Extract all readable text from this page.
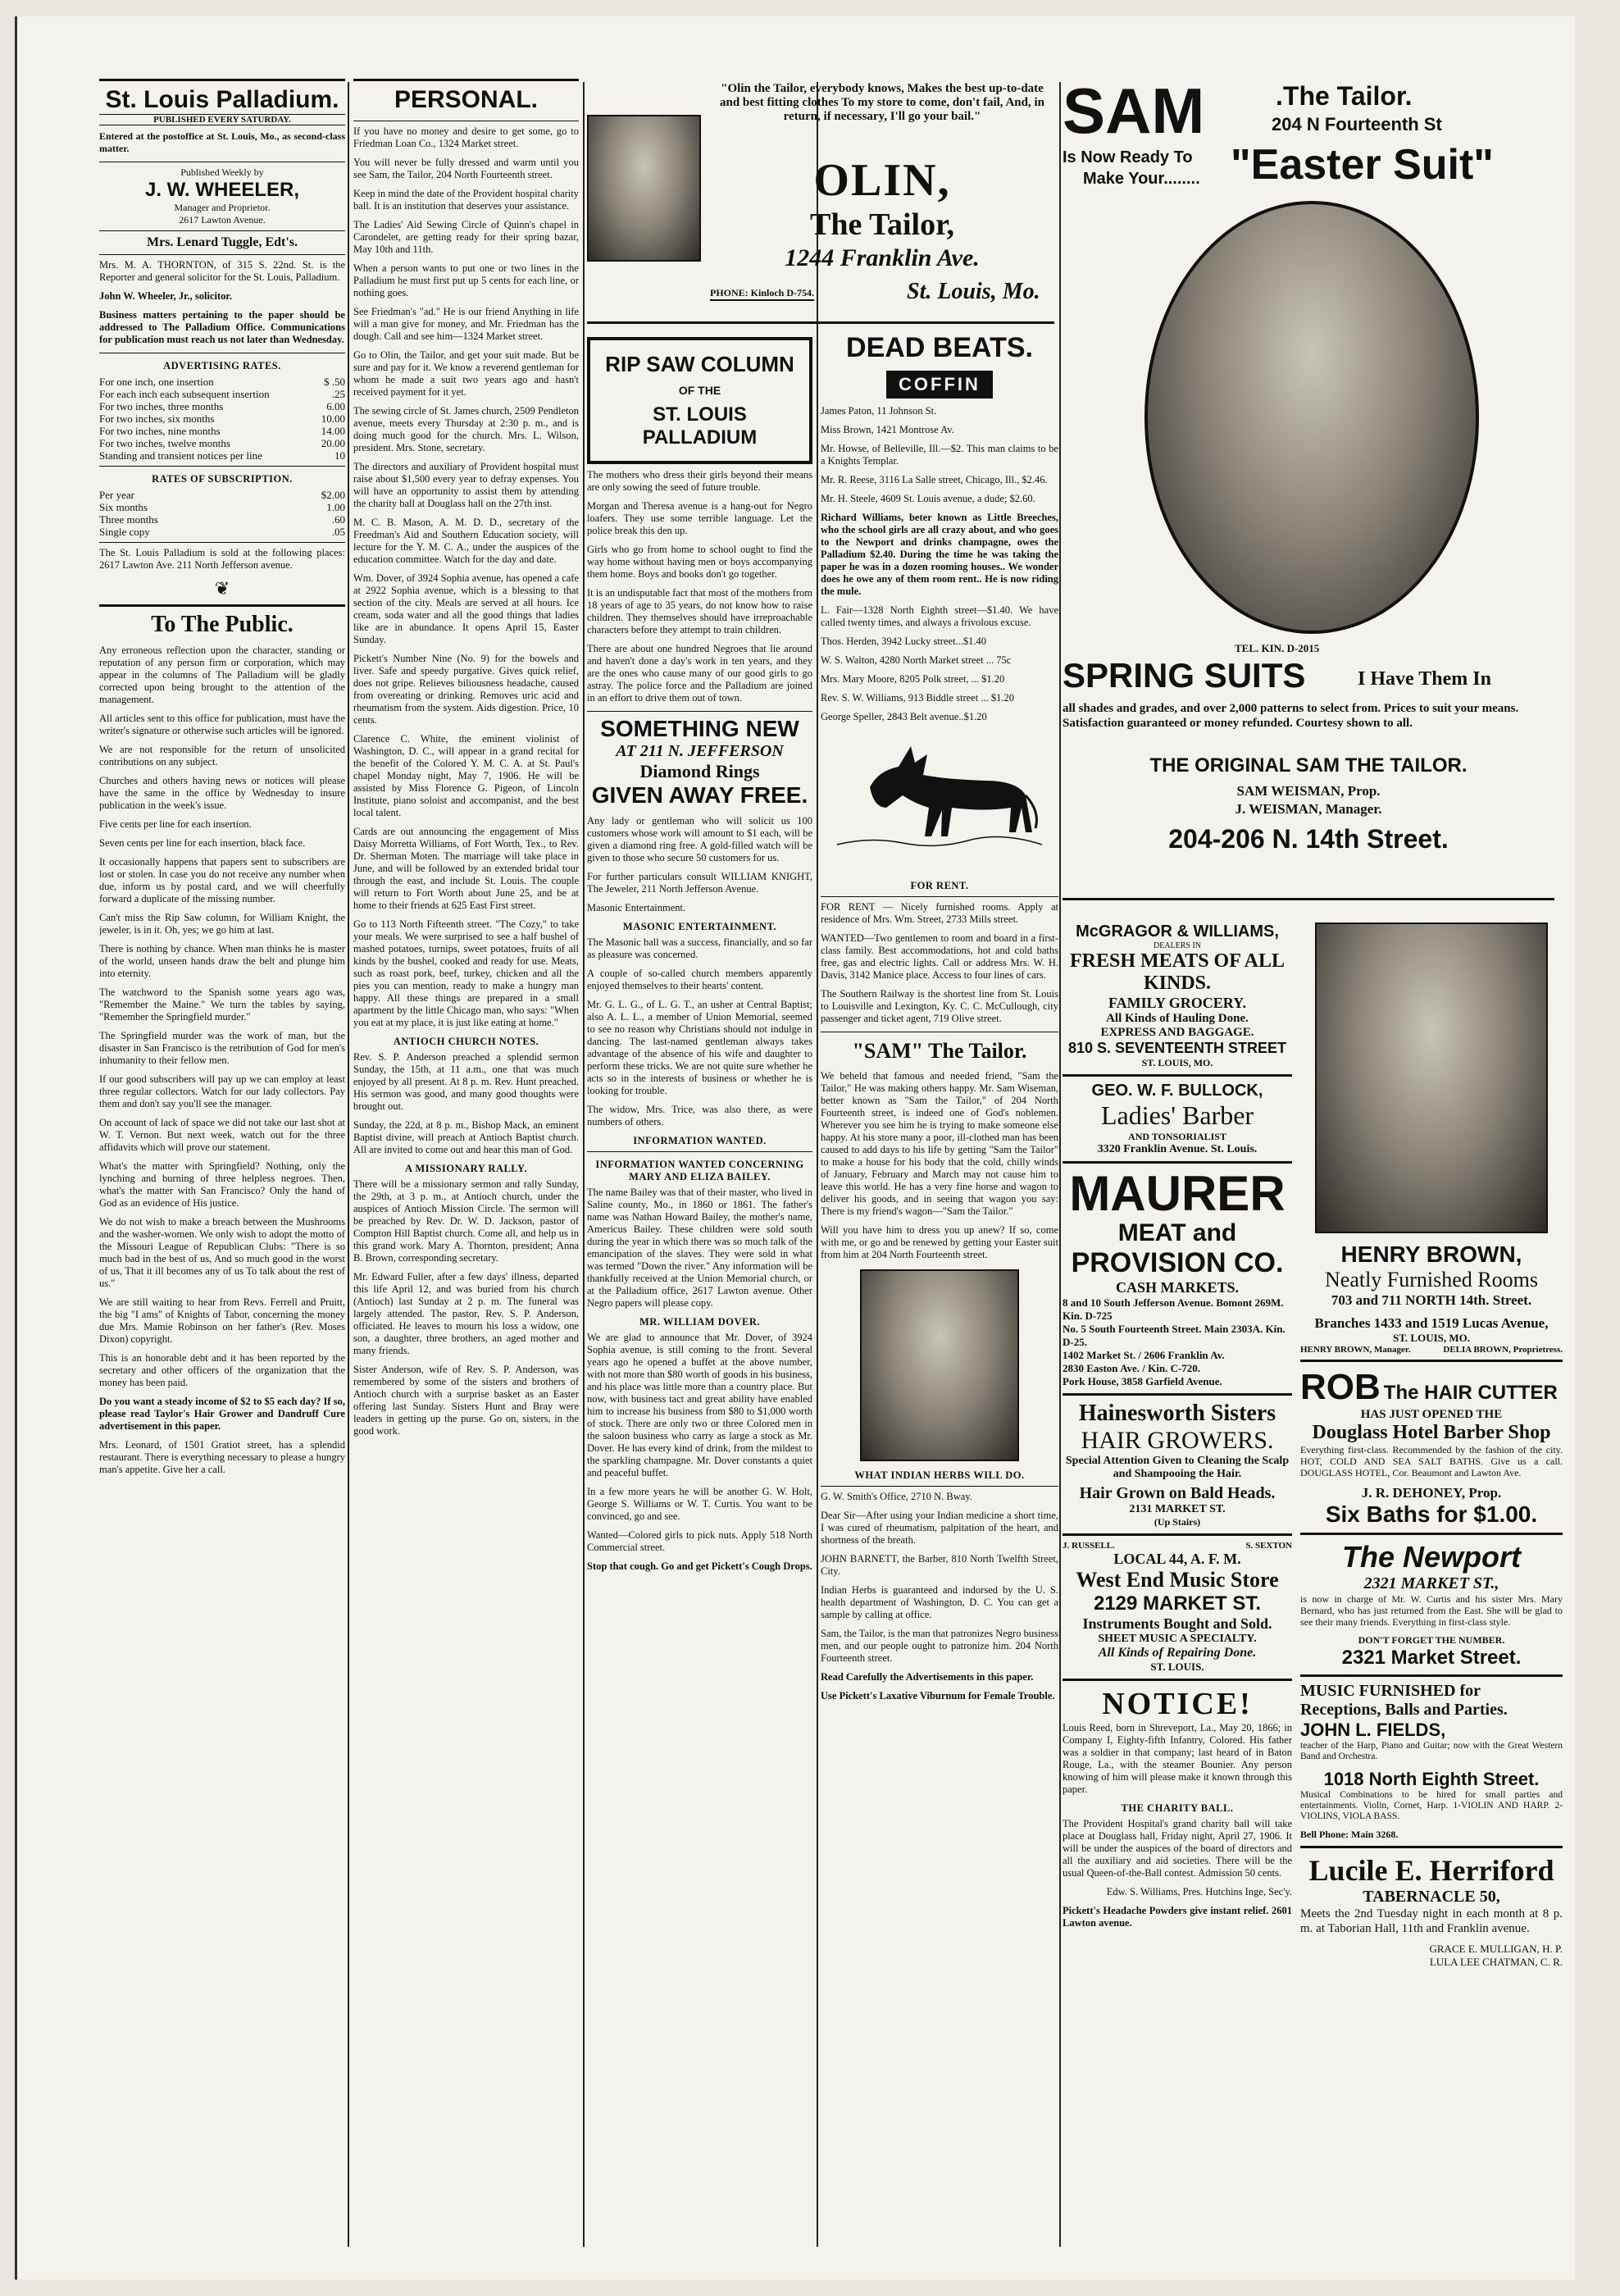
St. Louis Palladium.
PUBLISHED EVERY SATURDAY.

Entered at the postoffice at St. Louis, Mo., as second-class matter.

Published Weekly by
J. W. WHEELER,
Manager and Proprietor.
2617 Lawton Avenue.
Mrs. Lenard Tuggle, Edt's.

Mrs. M. A. THORNTON, of 315 S. 22nd. St. is the Reporter and general solicitor for the St. Louis, Palladium.

John W. Wheeler, Jr., solicitor.

Business matters pertaining to the paper should be addressed to The Palladium Office. Communications for publication must reach us not later than Wednesday.

ADVERTISING RATES.
For one inch, one insertion	$ .50
For each inch each subsequent insertion	.25
For two inches, three months	6.00
For two inches, six months	10.00
For two inches, nine months	14.00
For two inches, twelve months	20.00
Standing and transient notices per line	10
RATES OF SUBSCRIPTION.
Per year	$2.00
Six months	1.00
Three months	.60
Single copy	.05

The St. Louis Palladium is sold at the following places: 2617 Lawton Ave. 211 North Jefferson avenue.

❦
To The Public.

Any erroneous reflection upon the character, standing or reputation of any person firm or corporation, which may appear in the columns of The Palladium will be gladly corrected upon being brought to the attention of the management.

All articles sent to this office for publication, must have the writer's signature or otherwise such articles will be ignored.

We are not responsible for the return of unsolicited contributions on any subject.

Churches and others having news or notices will please have the same in the office by Wednesday to insure publication in the week's issue.

Five cents per line for each insertion.

Seven cents per line for each insertion, black face.

It occasionally happens that papers sent to subscribers are lost or stolen. In case you do not receive any number when due, inform us by postal card, and we will cheerfully forward a duplicate of the missing number.

Can't miss the Rip Saw column, for William Knight, the jeweler, is in it. Oh, yes; we go him at last.

There is nothing by chance. When man thinks he is master of the world, unseen hands draw the belt and plunge him into eternity.

The watchword to the Spanish some years ago was, "Remember the Maine." We turn the tables by saying, "Remember the Springfield murder."

The Springfield murder was the work of man, but the disaster in San Francisco is the retribution of God for men's inhumanity to their fellow men.

If our good subscribers will pay up we can employ at least three regular collectors. Watch for our lady collectors. Pay them and don't say you'll see the manager.

On account of lack of space we did not take our last shot at W. T. Vernon. But next week, watch out for the three affidavits which will prove our statement.

What's the matter with Springfield? Nothing, only the lynching and burning of three helpless negroes. Then, what's the matter with San Francisco? Only the hand of God as an evidence of His justice.

We do not wish to make a breach between the Mushrooms and the washer-women. We only wish to adopt the motto of the Missouri League of Republican Clubs: "There is so much bad in the best of us, And so much good in the worst of us, That it ill becomes any of us To talk about the rest of us."

We are still waiting to hear from Revs. Ferrell and Pruitt, the big "I ams" of Knights of Tabor, concerning the money due Mrs. Mamie Robinson on her father's (Rev. Moses Dixon) copyright.

This is an honorable debt and it has been reported by the secretary and other officers of the organization that the money has been paid.

Do you want a steady income of $2 to $5 each day? If so, please read Taylor's Hair Grower and Dandruff Cure advertisement in this paper.

Mrs. Leonard, of 1501 Gratiot street, has a splendid restaurant. There is everything necessary to please a hungry man's appetite. Give her a call.

PERSONAL.

If you have no money and desire to get some, go to Friedman Loan Co., 1324 Market street.

You will never be fully dressed and warm until you see Sam, the Tailor, 204 North Fourteenth street.

Keep in mind the date of the Provident hospital charity ball. It is an institution that deserves your assistance.

The Ladies' Aid Sewing Circle of Quinn's chapel in Carondelet, are getting ready for their spring bazar, May 10th and 11th.

When a person wants to put one or two lines in the Palladium he must first put up 5 cents for each line, or nothing goes.

See Friedman's "ad." He is our friend Anything in life will a man give for money, and Mr. Friedman has the dough. Call and see him—1324 Market street.

Go to Olin, the Tailor, and get your suit made. But be sure and pay for it. We know a reverend gentleman for whom he made a suit two years ago and hasn't received payment for it yet.

The sewing circle of St. James church, 2509 Pendleton avenue, meets every Thursday at 2:30 p. m., and is doing much good for the church. Mrs. L. Wilson, president. Mrs. Stone, secretary.

The directors and auxiliary of Provident hospital must raise about $1,500 every year to defray expenses. You will have an opportunity to assist them by attending the charity ball at Douglass hall on the 27th inst.

M. C. B. Mason, A. M. D. D., secretary of the Freedman's Aid and Southern Education society, will lecture for the Y. M. C. A., under the auspices of the education committee. Watch for the day and date.

Wm. Dover, of 3924 Sophia avenue, has opened a cafe at 2922 Sophia avenue, which is a blessing to that section of the city. Meals are served at all hours. Ice cream, soda water and all the good things that ladies like are in abundance. It opens April 15, Easter Sunday.

Pickett's Number Nine (No. 9) for the bowels and liver. Safe and speedy purgative. Gives quick relief, does not gripe. Relieves biliousness headache, caused from overeating or drinking. Removes uric acid and rheumatism from the system. Aids digestion. Price, 10 cents.

Clarence C. White, the eminent violinist of Washington, D. C., will appear in a grand recital for the benefit of the Colored Y. M. C. A. at St. Paul's chapel Monday night, May 7, 1906. He will be assisted by Miss Florence G. Pigeon, of Lincoln Institute, piano soloist and accompanist, and the best local talent.

Cards are out announcing the engagement of Miss Daisy Morretta Williams, of Fort Worth, Tex., to Rev. Dr. Sherman Moten. The marriage will take place in June, and will be followed by an extended bridal tour through the east, and include St. Louis. The couple will return to Fort Worth about June 25, and be at home to their friends at 625 East First street.

Go to 113 North Fifteenth street. "The Cozy," to take your meals. We were surprised to see a half bushel of mashed potatoes, turnips, sweet potatoes, fruits of all kinds by the bushel, cooked and ready for use. Meats, such as roast pork, beef, turkey, chicken and all the pies you can mention, ready to make a hungry man happy. All these things are prepared in a small apartment by the little Chicago man, who says: "When you eat at my place, it is just like eating at home."

ANTIOCH CHURCH NOTES.

Rev. S. P. Anderson preached a splendid sermon Sunday, the 15th, at 11 a.m., one that was much enjoyed by all present. At 8 p. m. Rev. Hunt preached. His sermon was good, and many good thoughts were brought out.

Sunday, the 22d, at 8 p. m., Bishop Mack, an eminent Baptist divine, will preach at Antioch Baptist church. All are invited to come out and hear this man of God.

A MISSIONARY RALLY.

There will be a missionary sermon and rally Sunday, the 29th, at 3 p. m., at Antioch church, under the auspices of Antioch Mission Circle. The sermon will be preached by Rev. Dr. W. D. Jackson, pastor of Compton Hill Baptist church. Come all, and help us in this grand work. Mary A. Thornton, president; Anna B. Brown, corresponding secretary.

Mr. Edward Fuller, after a few days' illness, departed this life April 12, and was buried from his church (Antioch) last Sunday at 2 p. m. The funeral was largely attended. The pastor, Rev. S. P. Anderson, officiated. He leaves to mourn his loss a widow, one son, a daughter, three brothers, an aged mother and many friends.

Sister Anderson, wife of Rev. S. P. Anderson, was remembered by some of the sisters and brothers of Antioch church with a surprise basket as an Easter offering last Sunday. Sisters Hunt and Bray were leaders in getting up the purse. Go on, sisters, in the good work.

"Olin the Tailor, everybody knows, Makes the best up-to-date and best fitting clothes To my store to come, don't fail, And, in return, if necessary, I'll go your bail."
OLIN,
The Tailor,
1244 Franklin Ave.
PHONE: Kinloch D-754.	St. Louis, Mo.
RIP SAW COLUMN
OF THE
ST. LOUIS PALLADIUM

The mothers who dress their girls beyond their means are only sowing the seed of future trouble.

Morgan and Theresa avenue is a hang-out for Negro loafers. They use some terrible language. Let the police break this den up.

Girls who go from home to school ought to find the way home without having men or boys accompanying them home. Boys and books don't go together.

It is an undisputable fact that most of the mothers from 18 years of age to 35 years, do not know how to raise children. They themselves should have irreproachable characters before they attempt to train children.

There are about one hundred Negroes that lie around and haven't done a day's work in ten years, and they are the ones who cause many of our good girls to go astray. The police force and the Palladium are joined in an effort to drive them out of town.

SOMETHING NEW
AT 211 N. JEFFERSON
Diamond Rings
GIVEN AWAY FREE.

Any lady or gentleman who will solicit us 100 customers whose work will amount to $1 each, will be given a diamond ring free. A gold-filled watch will be given to those who secure 50 customers for us.

For further particulars consult WILLIAM KNIGHT, The Jeweler, 211 North Jefferson Avenue.

Masonic Entertainment.

MASONIC ENTERTAINMENT.

The Masonic ball was a success, financially, and so far as pleasure was concerned.

A couple of so-called church members apparently enjoyed themselves to their hearts' content.

Mr. G. L. G., of L. G. T., an usher at Central Baptist; also A. L. L., a member of Union Memorial, seemed to see no reason why Christians should not indulge in dancing. The last-named gentleman always takes advantage of the absence of his wife and daughter to perform these tricks. We are not quite sure whether he acts so in the interests of business or whether he is looking for trouble.

The widow, Mrs. Trice, was also there, as were numbers of others.

INFORMATION WANTED.
INFORMATION WANTED CONCERNING MARY AND ELIZA BAILEY.

The name Bailey was that of their master, who lived in Saline county, Mo., in 1860 or 1861. The father's name was Nathan Howard Bailey, the mother's name, Americus Bailey. These children were sold south during the year in which there was so much talk of the emancipation of the slaves. They were sold in what was termed "Down the river." Any information will be thankfully received at the Union Memorial church, or at the Palladium office, 2617 Lawton avenue. Other Negro papers will please copy.

MR. WILLIAM DOVER.

We are glad to announce that Mr. Dover, of 3924 Sophia avenue, is still coming to the front. Several years ago he opened a buffet at the above number, with not more than $80 worth of goods in his business, and his place was little more than a country place. But now, with business tact and great ability have enabled him to increase his business from $80 to $1,000 worth of stock. There are only two or three Colored men in the saloon business who carry as large a stock as Mr. Dover. He has every kind of drink, from the mildest to the sparkling champagne. Mr. Dover constants a quiet and peaceful buffet.

In a few more years he will be another G. W. Holt, George S. Williams or W. T. Curtis. You want to be convinced, go and see.

Wanted—Colored girls to pick nuts. Apply 518 North Commercial street.

Stop that cough. Go and get Pickett's Cough Drops.

DEAD BEATS.
COFFIN

James Paton, 11 Johnson St.

Miss Brown, 1421 Montrose Av.

Mr. Howse, of Belleville, Ill.—$2. This man claims to be a Knights Templar.

Mr. R. Reese, 3116 La Salle street, Chicago, Ill., $2.46.

Mr. H. Steele, 4609 St. Louis avenue, a dude; $2.60.

Richard Williams, beter known as Little Breeches, who the school girls are all crazy about, and who goes to the Newport and drinks champagne, owes the Palladium $2.40. During the time he was taking the paper he was in a dozen rooming houses.. We wonder does he owe any of them room rent.. He is now riding the mule.

L. Fair—1328 North Eighth street—$1.40. We have called twenty times, and always a frivolous excuse.

Thos. Herden, 3942 Lucky street...$1.40

W. S. Walton, 4280 North Market street ... 75c

Mrs. Mary Moore, 8205 Polk street, ... $1.20

Rev. S. W. Williams, 913 Biddle street ... $1.20

George Speller, 2843 Belt avenue..$1.20

FOR RENT.

FOR RENT — Nicely furnished rooms. Apply at residence of Mrs. Wm. Street, 2733 Mills street.

WANTED—Two gentlemen to room and board in a first-class family. Best accommodations, hot and cold baths free, gas and electric lights. Call or address Mrs. W. H. Davis, 3142 Manice place. Access to four lines of cars.

The Southern Railway is the shortest line from St. Louis to Louisville and Lexington, Ky. C. C. McCullough, city passenger and ticket agent, 719 Olive street.

"SAM" The Tailor.

We beheld that famous and needed friend, "Sam the Tailor," He was making others happy. Mr. Sam Wiseman, better known as "Sam the Tailor," of 204 North Fourteenth street, is indeed one of God's noblemen. Wherever you see him he is trying to make someone else happy. At his store many a poor, ill-clothed man has been caused to add days to his life by getting "Sam the Tailor" to make a house for his body that the cold, chilly winds of January, February and March may not cause him to leave this world. He has a very fine horse and wagon to deliver his goods, and in seeing that wagon you say: There is my friend's wagon—"Sam the Tailor."

Will you have him to dress you up anew? If so, come with me, or go and be renewed by getting your Easter suit from him at 204 North Fourteenth street.

WHAT INDIAN HERBS WILL DO.

G. W. Smith's Office, 2710 N. Bway.

Dear Sir—After using your Indian medicine a short time, I was cured of rheumatism, palpitation of the heart, and shortness of the breath.

JOHN BARNETT, the Barber, 810 North Twelfth Street, City.

Indian Herbs is guaranteed and indorsed by the U. S. health department of Washington, D. C. You can get a sample by calling at office.

Sam, the Tailor, is the man that patronizes Negro business men, and our people ought to patronize him. 204 North Fourteenth street.

Read Carefully the Advertisements in this paper.

Use Pickett's Laxative Viburnum for Female Trouble.

SAM	.The Tailor.
204 N Fourteenth St
Is Now Ready To
Make Your........ "Easter Suit"
TEL. KIN. D-2015
SPRING SUITS	I Have Them In
all shades and grades, and over 2,000 patterns to select from. Prices to suit your means. Satisfaction guaranteed or money refunded. Courtesy shown to all.
THE ORIGINAL SAM THE TAILOR.
SAM WEISMAN, Prop.
J. WEISMAN, Manager.
204-206 N. 14th Street.
McGRAGOR & WILLIAMS,
DEALERS IN
FRESH MEATS OF ALL KINDS.
FAMILY GROCERY.
All Kinds of Hauling Done.
EXPRESS AND BAGGAGE.
810 S. SEVENTEENTH STREET
ST. LOUIS, MO.
GEO. W. F. BULLOCK,
Ladies' Barber
AND TONSORIALIST
3320 Franklin Avenue. St. Louis.
MAURER
MEAT and
PROVISION CO.
CASH MARKETS.
8 and 10 South Jefferson Avenue. Bomont 269M. Kin. D-725
No. 5 South Fourteenth Street. Main 2303A. Kin. D-25.
1402 Market St. / 2606 Franklin Av.
2830 Easton Ave. / Kin. C-720.
Pork House, 3858 Garfield Avenue.
Hainesworth Sisters
HAIR GROWERS.
Special Attention Given to Cleaning the Scalp and Shampooing the Hair.
Hair Grown on Bald Heads.
2131 MARKET ST.
(Up Stairs)
J. RUSSELL.	S. SEXTON
LOCAL 44, A. F. M.
West End Music Store
2129 MARKET ST.
Instruments Bought and Sold.
SHEET MUSIC A SPECIALTY.
All Kinds of Repairing Done.
ST. LOUIS.
NOTICE!

Louis Reed, born in Shreveport, La., May 20, 1866; in Company I, Eighty-fifth Infantry, Colored. His father was a soldier in that company; last heard of in Baton Rouge, La., with the steamer Bounier. Any person knowing of him will please make it known through this paper.

THE CHARITY BALL.

The Provident Hospital's grand charity ball will take place at Douglass hall, Friday night, April 27, 1906. It will be under the auspices of the board of directors and all the auxiliary and aid societies. There will be the usual Queen-of-the-Ball contest. Admission 50 cents.

Edw. S. Williams, Pres. Hutchins Inge, Sec'y.

Pickett's Headache Powders give instant relief. 2601 Lawton avenue.

HENRY BROWN,
Neatly Furnished Rooms
703 and 711 NORTH 14th. Street.
Branches 1433 and 1519 Lucas Avenue,
ST. LOUIS, MO.
HENRY BROWN, Manager.	DELIA BROWN, Proprietress.
ROB The HAIR CUTTER
HAS JUST OPENED THE
Douglass Hotel Barber Shop

Everything first-class. Recommended by the fashion of the city. HOT, COLD AND SEA SALT BATHS. Give us a call. DOUGLASS HOTEL, Cor. Beaumont and Lawton Ave.

J. R. DEHONEY, Prop.
Six Baths for $1.00.
The Newport
2321 MARKET ST.,

is now in charge of Mr. W. Curtis and his sister Mrs. Mary Bernard, who has just returned from the East. She will be glad to see their many friends. Everything in first-class style.

DON'T FORGET THE NUMBER.
2321 Market Street.
MUSIC FURNISHED for Receptions, Balls and Parties.
JOHN L. FIELDS,

teacher of the Harp, Piano and Guitar; now with the Great Western Band and Orchestra.

1018 North Eighth Street.

Musical Combinations to be hired for small parties and entertainments. Violin, Cornet, Harp. 1-VIOLIN AND HARP. 2-VIOLINS, VIOLA BASS.

Bell Phone: Main 3268.
Lucile E. Herriford
TABERNACLE 50,

Meets the 2nd Tuesday night in each month at 8 p. m. at Taborian Hall, 11th and Franklin avenue.

GRACE E. MULLIGAN, H. P.
LULA LEE CHATMAN, C. R.
